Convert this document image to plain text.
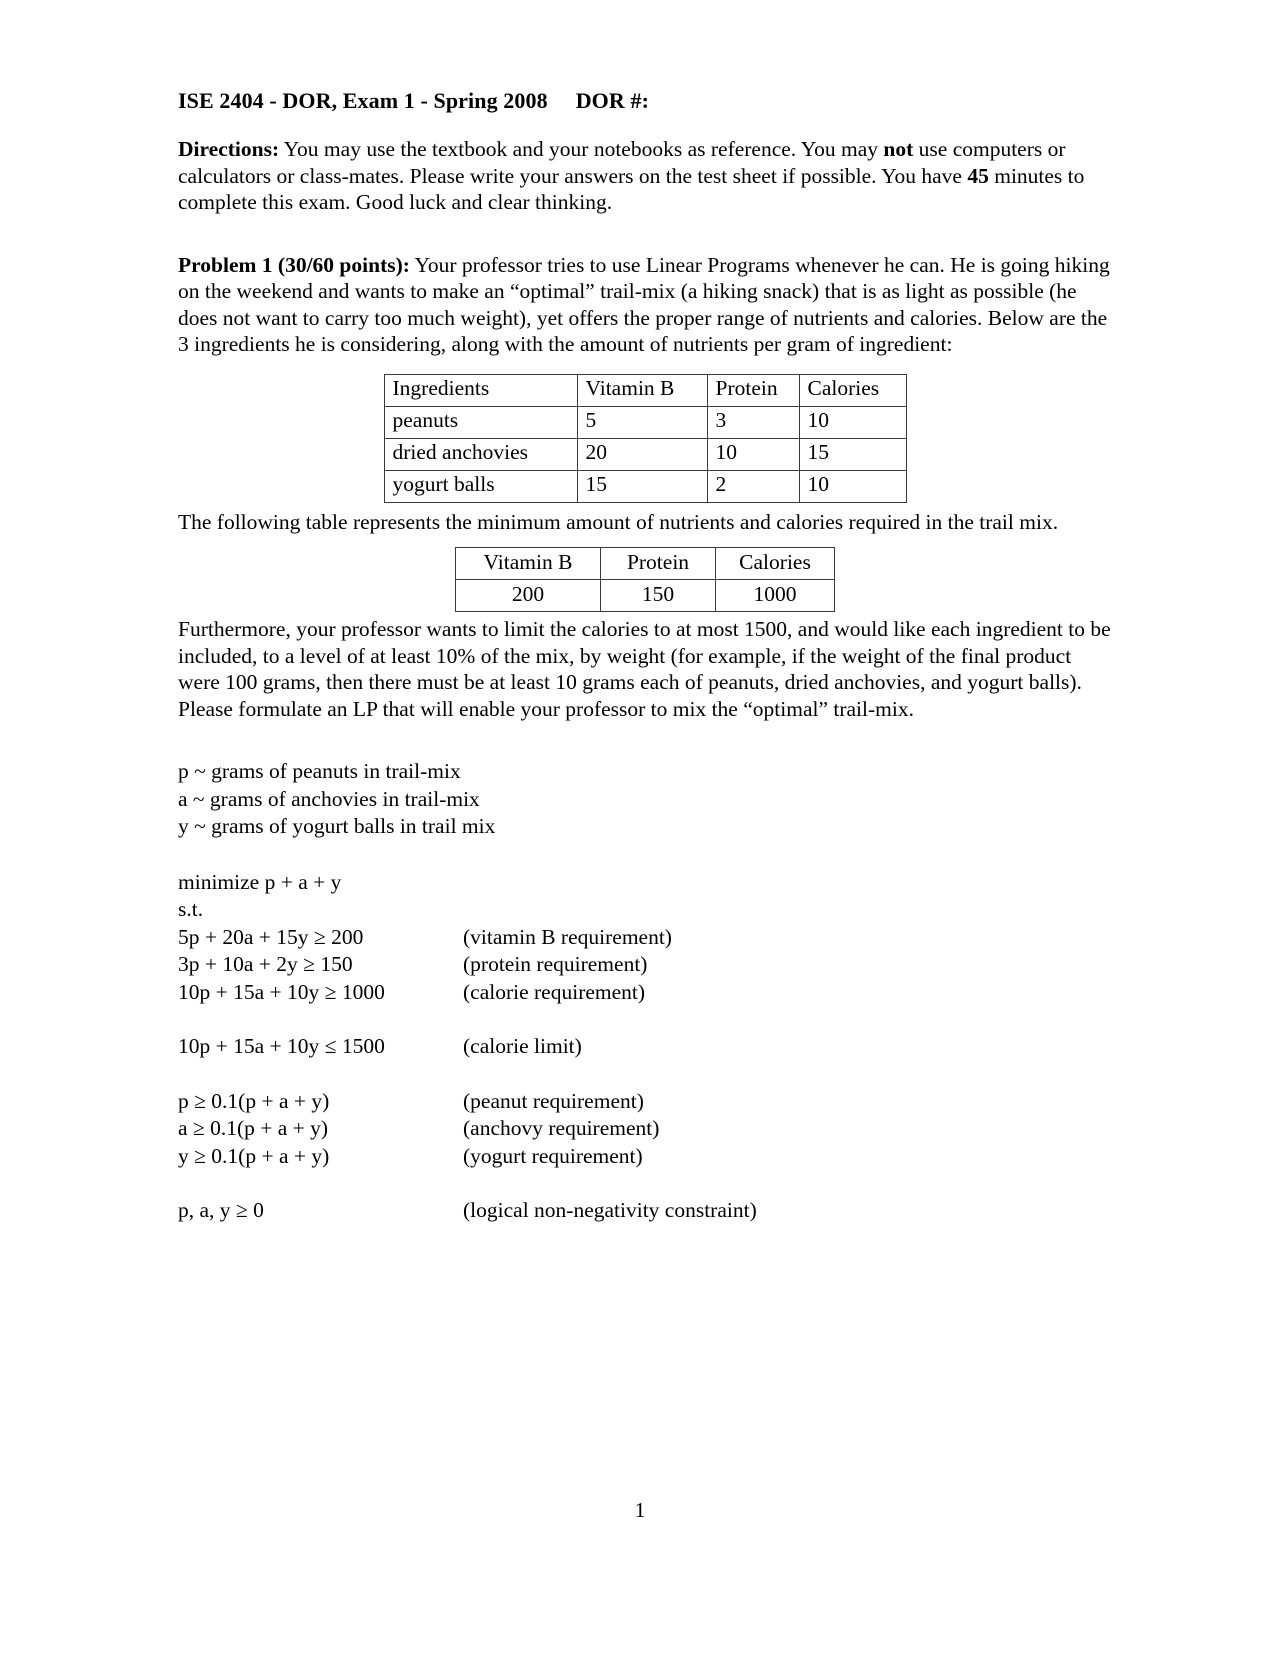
ISE 2404 - DOR, Exam 1 - Spring 2008     DOR #:

Directions: You may use the textbook and your notebooks as reference. You may not use computers or calculators or class-mates. Please write your answers on the test sheet if possible. You have 45 minutes to complete this exam. Good luck and clear thinking.

Problem 1 (30/60 points): Your professor tries to use Linear Programs whenever he can. He is going hiking on the weekend and wants to make an “optimal” trail-mix (a hiking snack) that is as light as possible (he does not want to carry too much weight), yet offers the proper range of nutrients and calories. Below are the 3 ingredients he is considering, along with the amount of nutrients per gram of ingredient:

Ingredients	Vitamin B	Protein	Calories
peanuts	5	3	10
dried anchovies	20	10	15
yogurt balls	15	2	10

The following table represents the minimum amount of nutrients and calories required in the trail mix.

Vitamin B	Protein	Calories
200	150	1000

Furthermore, your professor wants to limit the calories to at most 1500, and would like each ingredient to be included, to a level of at least 10% of the mix, by weight (for example, if the weight of the final product were 100 grams, then there must be at least 10 grams each of peanuts, dried anchovies, and yogurt balls). Please formulate an LP that will enable your professor to mix the “optimal” trail-mix.

p ~ grams of peanuts in trail-mix
a ~ grams of anchovies in trail-mix
y ~ grams of yogurt balls in trail mix
minimize p + a + y
s.t.
5p + 20a + 15y ≥ 200	(vitamin B requirement)
3p + 10a + 2y ≥ 150	(protein requirement)
10p + 15a + 10y ≥ 1000	(calorie requirement)
10p + 15a + 10y ≤ 1500	(calorie limit)
p ≥ 0.1(p + a + y)	(peanut requirement)
a ≥ 0.1(p + a + y)	(anchovy requirement)
y ≥ 0.1(p + a + y)	(yogurt requirement)
p, a, y ≥ 0	(logical non-negativity constraint)
1
